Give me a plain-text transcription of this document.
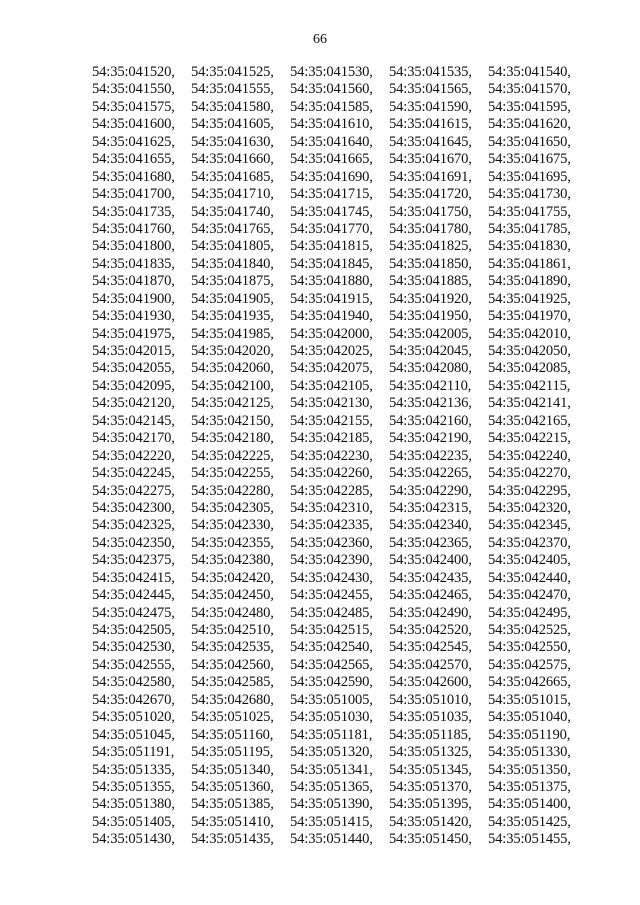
66
54:35:041520,	54:35:041525,	54:35:041530,	54:35:041535,	54:35:041540,
54:35:041550,	54:35:041555,	54:35:041560,	54:35:041565,	54:35:041570,
54:35:041575,	54:35:041580,	54:35:041585,	54:35:041590,	54:35:041595,
54:35:041600,	54:35:041605,	54:35:041610,	54:35:041615,	54:35:041620,
54:35:041625,	54:35:041630,	54:35:041640,	54:35:041645,	54:35:041650,
54:35:041655,	54:35:041660,	54:35:041665,	54:35:041670,	54:35:041675,
54:35:041680,	54:35:041685,	54:35:041690,	54:35:041691,	54:35:041695,
54:35:041700,	54:35:041710,	54:35:041715,	54:35:041720,	54:35:041730,
54:35:041735,	54:35:041740,	54:35:041745,	54:35:041750,	54:35:041755,
54:35:041760,	54:35:041765,	54:35:041770,	54:35:041780,	54:35:041785,
54:35:041800,	54:35:041805,	54:35:041815,	54:35:041825,	54:35:041830,
54:35:041835,	54:35:041840,	54:35:041845,	54:35:041850,	54:35:041861,
54:35:041870,	54:35:041875,	54:35:041880,	54:35:041885,	54:35:041890,
54:35:041900,	54:35:041905,	54:35:041915,	54:35:041920,	54:35:041925,
54:35:041930,	54:35:041935,	54:35:041940,	54:35:041950,	54:35:041970,
54:35:041975,	54:35:041985,	54:35:042000,	54:35:042005,	54:35:042010,
54:35:042015,	54:35:042020,	54:35:042025,	54:35:042045,	54:35:042050,
54:35:042055,	54:35:042060,	54:35:042075,	54:35:042080,	54:35:042085,
54:35:042095,	54:35:042100,	54:35:042105,	54:35:042110,	54:35:042115,
54:35:042120,	54:35:042125,	54:35:042130,	54:35:042136,	54:35:042141,
54:35:042145,	54:35:042150,	54:35:042155,	54:35:042160,	54:35:042165,
54:35:042170,	54:35:042180,	54:35:042185,	54:35:042190,	54:35:042215,
54:35:042220,	54:35:042225,	54:35:042230,	54:35:042235,	54:35:042240,
54:35:042245,	54:35:042255,	54:35:042260,	54:35:042265,	54:35:042270,
54:35:042275,	54:35:042280,	54:35:042285,	54:35:042290,	54:35:042295,
54:35:042300,	54:35:042305,	54:35:042310,	54:35:042315,	54:35:042320,
54:35:042325,	54:35:042330,	54:35:042335,	54:35:042340,	54:35:042345,
54:35:042350,	54:35:042355,	54:35:042360,	54:35:042365,	54:35:042370,
54:35:042375,	54:35:042380,	54:35:042390,	54:35:042400,	54:35:042405,
54:35:042415,	54:35:042420,	54:35:042430,	54:35:042435,	54:35:042440,
54:35:042445,	54:35:042450,	54:35:042455,	54:35:042465,	54:35:042470,
54:35:042475,	54:35:042480,	54:35:042485,	54:35:042490,	54:35:042495,
54:35:042505,	54:35:042510,	54:35:042515,	54:35:042520,	54:35:042525,
54:35:042530,	54:35:042535,	54:35:042540,	54:35:042545,	54:35:042550,
54:35:042555,	54:35:042560,	54:35:042565,	54:35:042570,	54:35:042575,
54:35:042580,	54:35:042585,	54:35:042590,	54:35:042600,	54:35:042665,
54:35:042670,	54:35:042680,	54:35:051005,	54:35:051010,	54:35:051015,
54:35:051020,	54:35:051025,	54:35:051030,	54:35:051035,	54:35:051040,
54:35:051045,	54:35:051160,	54:35:051181,	54:35:051185,	54:35:051190,
54:35:051191,	54:35:051195,	54:35:051320,	54:35:051325,	54:35:051330,
54:35:051335,	54:35:051340,	54:35:051341,	54:35:051345,	54:35:051350,
54:35:051355,	54:35:051360,	54:35:051365,	54:35:051370,	54:35:051375,
54:35:051380,	54:35:051385,	54:35:051390,	54:35:051395,	54:35:051400,
54:35:051405,	54:35:051410,	54:35:051415,	54:35:051420,	54:35:051425,
54:35:051430,	54:35:051435,	54:35:051440,	54:35:051450,	54:35:051455,
